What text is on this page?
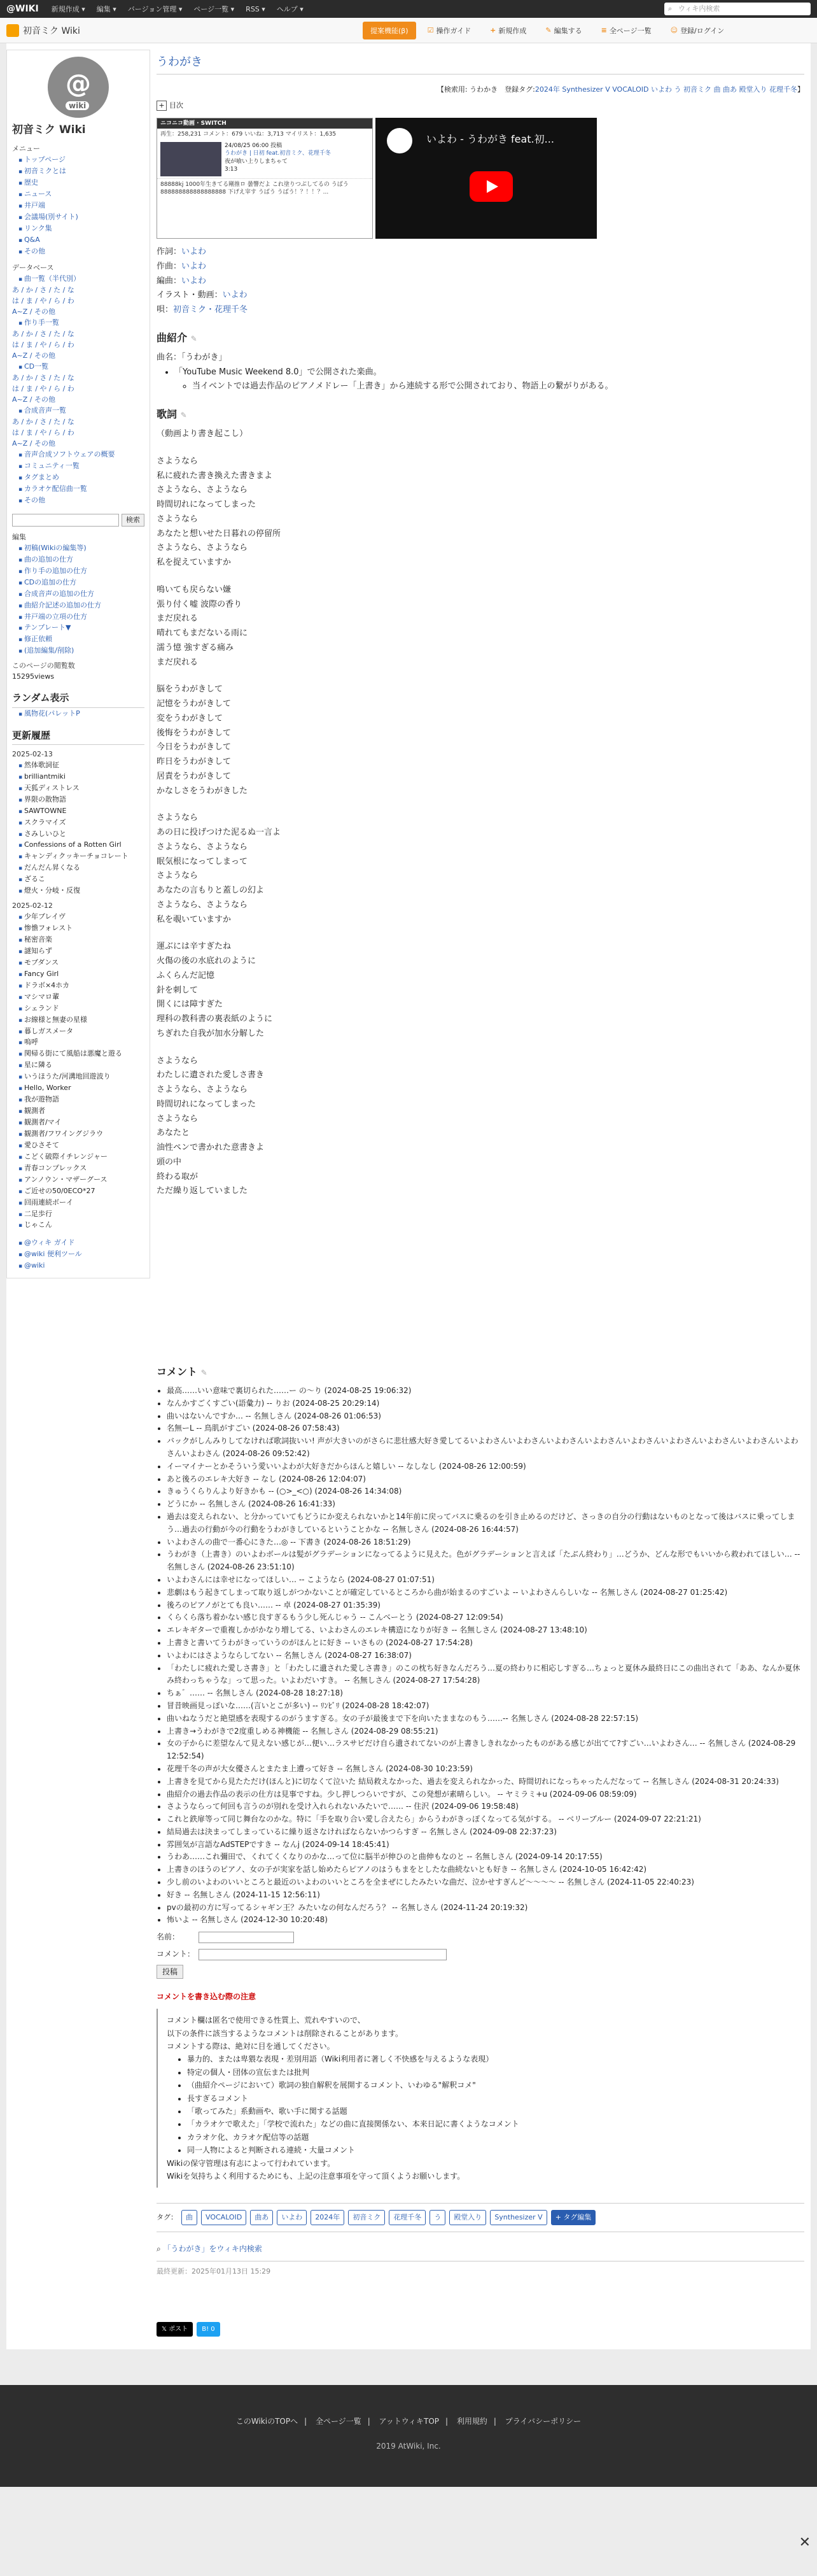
@WIKI 新規作成 ▾ 編集 ▾ バージョン管理 ▾ ページ一覧 ▾ RSS ▾ ヘルプ ▾
⌕	ウィキ内検索
初音ミク Wiki	提案機能(β)	☑ 操作ガイド	+ 新規作成	✎ 編集する	≡ 全ページ一覧	☺ 登録/ログイン
@
wiki
初音ミク Wiki
メニュー
▪ トップページ
▪ 初音ミクとは
▪ 歴史
▪ ニュース
▪ 井戸端
▪ 会議場(別サイト)
▪ リンク集
▪ Q&A
▪ その他
データベース
▪ 曲一覧（半代別）
あ / か / さ / た / な
は / ま / や / ら / わ
A~Z / その他
▪ 作り手一覧
あ / か / さ / た / な
は / ま / や / ら / わ
A~Z / その他
▪ CD一覧
あ / か / さ / た / な
は / ま / や / ら / わ
A~Z / その他
▪ 合成音声一覧
あ / か / さ / た / な
は / ま / や / ら / わ
A~Z / その他
▪ 音声合成ソフトウェアの概要
▪ コミュニティ一覧
▪ タグまとめ
▪ カラオケ配信曲一覧
▪ その他
検索
編集
▪ 初稿(Wikiの編集等)
▪ 曲の追加の仕方
▪ 作り手の追加の仕方
▪ CDの追加の仕方
▪ 合成音声の追加の仕方
▪ 曲紹介記述の追加の仕方
▪ 井戸端の立項の仕方
▪ テンプレート▼
▪ 修正依頼
▪ (追加編集/削除)
このページの閲覧数
15295views
ランダム表示
▪ 風物花(パレットP
更新履歴
2025-02-13
▪ 然体歌詞征
▪ brilliantmiki
▪ 天狐ディストレス
▪ 界限の散物語
▪ SAWTOWNE
▪ スクラマイズ
▪ さみしいひと
▪ Confessions of a Rotten Girl
▪ キャンディクッキーチョコレート
▪ だんだん昇くなる
▪ ざるこ
▪ 燈火・分岐・反復
2025-02-12
▪ 少年ブレイヴ
▪ 惨憺フォレスト
▪ 秘密音楽
▪ 謎知らず
▪ モブダンス
▪ Fancy Girl
▪ ドラボ×4ホカ
▪ マシマロ輩
▪ シェランド
▪ お線様と無妻の星様
▪ 暮しガスメータ
▪ 嗚呼
▪ 関帰る街にて風船は悪魔と遊る
▪ 星に隣る
▪ いうほうた/河溝地回遊波り
▪ Hello, Worker
▪ 我が遊物語
▪ 観測者
▪ 観測者/マイ
▪ 観測者/フワイングジラウ
▪ 愛ひさそて
▪ こどく破際イチレンジャー
▪ 青春コンプレックス
▪ アンノウン・マザーグース
▪ ご近せの50/0ECO*27
▪ 回雨連続ボーイ
▪ 二足歩行
▪ じゃこん
▪ @ウィキ ガイド
▪ @wiki 便利ツール
▪ @wiki
うわがき
【検索用: うわかき　登録タグ:2024年 Synthesizer V VOCALOID いよわ う 初音ミク 曲 曲あ 殿堂入り 花理千冬】
+ 目次
ニコニコ動画 · SWITCH
再生：258,231 コメント：679 いいね：3,713 マイリスト：1,635
24/08/25 06:00 投稿
うわがき | 日初 feat.初音ミク、花理千冬
夜が喰い上りしまちゃて
3:13
88888kj 1000年生きてる剛推ロ 曇響だよ これ塗りつぶしてるの うばう 888888888888888888 下げえ宰す うばう うばう！？！！？...
いよわ - うわがき feat.初...
作詞：いよわ
作曲：いよわ
編曲：いよわ
イラスト・動画：いよわ
唄：初音ミク・花理千冬
曲紹介 ✎
曲名：「うわがき」
• 「YouTube Music Weekend 8.0」で公開された楽曲。
◦ 当イベントでは過去作品のピアノメドレー「上書き」から連続する形で公開されており、物語上の繋がりがある。
歌詞 ✎

（動画より書き起こし）

さようなら
私に疲れた書き換えた書きまよ
さようなら、さようなら
時間切れになってしまった
さようなら
あなたと想いせた日暮れの停留所
さようなら、さようなら
私を捉えていますか

鳴いても戻らない嫌
張り付く嘘 波際の香り
まだ戻れる
晴れてもまだないる雨に
濡う憶 強すぎる痛み
まだ戻れる

脳をうわがきして
記憶をうわがきして
変をうわがきして
後悔をうわがきして
今日をうわがきして
昨日をうわがきして
居責をうわがきして
かなしさをうわがきした

さようなら
あの日に投げつけた泥るぬ一言よ
さようなら、さようなら
眠気根になってしまって
さようなら
あなたの言もりと蓋しの幻よ
さようなら、さようなら
私を覗いていますか

運ぶには辛すぎたね
火傷の後の水底れのように
ふくらんだ記憶
針を刺して
開くには障すぎた
理科の教科書の裏表紙のように
ちぎれた自我が加水分解した

さようなら
わたしに遺された愛しさ書き
さようなら、さようなら
時間切れになってしまった
さようなら
あなたと
油性ペンで書かれた意書きよ
頭の中
終わる取が
ただ繰り返していました

コメント ✎
• 最高……いい意味で裏切られた……ー の〜り (2024-08-25 19:06:32)
• なんかすごくすごい(語彙力) -- りお (2024-08-25 20:29:14)
• 曲いはないんですか… -- 名無しさん (2024-08-26 01:06:53)
• 名無ーL -- 鳥肌がすごい (2024-08-26 07:58:43)
• バックがしんみりしてなければ歌詞抜いい! 声が大きいのがさらに悲壮感大好き愛してるいよわさんいよわさんいよわさんいよわさんいよわさんいよわさんいよわさんいよわさんいよわさんいよわさん (2024-08-26 09:52:42)
• イーマイナーとかそういう愛いいよわが大好きだからほんと嬉しい -- なしなし (2024-08-26 12:00:59)
• あと後ろのエレキ大好き -- なし (2024-08-26 12:04:07)
• きゅうくらりんより好きかも -- (○>_<○) (2024-08-26 14:34:08)
• どうにか -- 名無しさん (2024-08-26 16:41:33)
• 過去は変えられない、と分かっていてもどうにか変えられないかと14年前に戻ってバスに乗るのを引き止めるのだけど、さっきの自分の行動はないものとなって後はバスに乗ってしまう…過去の行動が今の行動をうわがきしているということかな -- 名無しさん (2024-08-26 16:44:57)
• いよわさんの曲で一番心にきた…◎ -- 下書き (2024-08-26 18:51:29)
• うわがき（上書き）のいよわボールは髪がグラデーションになってるように見えた。色がグラデーションと言えば「たぶん終わり」…どうか、どんな形でもいいから救われてほしい… -- 名無しさん (2024-08-26 23:51:10)
• いよわさんには幸せになってほしい… -- こようなら (2024-08-27 01:07:51)
• 悲劇はもう起きてしまって取り返しがつかないことが確定しているところから曲が始まるのすごいよ -- いよわさんらしいな -- 名無しさん (2024-08-27 01:25:42)
• 後ろのピアノがとても良い…… -- 卓 (2024-08-27 01:35:39)
• くらくら落ち着かない感じ良すぎるもう少し死んじゃう -- こんべーとう (2024-08-27 12:09:54)
• エレキギターで重複しかがかなり増してる、いよわさんのエレキ構造になりが好き -- 名無しさん (2024-08-27 13:48:10)
• 上書きと書いてうわがきっていうのがほんとに好き -- いさもの (2024-08-27 17:54:28)
• いよわにはさようならしてない -- 名無しさん (2024-08-27 16:38:07)
• 「わたしに疲れた愛しさ書き」と「わたしに遺された愛しさ書き」のこの枕ち好きなんだろう…夏の終わりに相応しすぎる…ちょっと夏休み最終日にこの曲出されて「ああ、なんか夏休み終わっちゃうな」って思った。いよわだいすき。 -- 名無しさん (2024-08-27 17:54:28)
• ちぁ゛…… -- 名無しさん (2024-08-28 18:27:18)
• 冒昔映画見っぽいな……(言いとこが多い) -- ﾘﾝﾋﾞﾘ (2024-08-28 18:42:07)
• 曲いねなうだと絶望感を表現するのがうますぎる。女の子が最後まで下を向いたままなのもう……-- 名無しさん (2024-08-28 22:57:15)
• 上書き→うわがきで2度重しめる神機能 -- 名無しさん (2024-08-29 08:55:21)
• 女の子からに差望なんて見えない感じが…便い…ラスサビだけ自ら遺されてないのが上書きしきれなかったものがある感じが出てて?すごい…いよわさん… -- 名無しさん (2024-08-29 12:52:54)
• 花理千冬の声が大女優さんとまたま上遭って好き -- 名無しさん (2024-08-30 10:23:59)
• 上書きを見てから見たただけ(ほんと)に切なくて泣いた 結局救えなかった、過去を変えられなかった、時間切れになっちゃったんだなって -- 名無しさん (2024-08-31 20:24:33)
• 曲紹介の過去作品の表示の仕方は見事ですね。少し押しつらいですが、この発想が素晴らしい。 -- ヤミラミ+u (2024-09-06 08:59:09)
• さようならって何回も言うのが別れを受け入れられないみたいで…… -- 住沢 (2024-09-06 19:58:48)
• これと鉄扉等って同じ舞台なのかな。特に「手を取り合い愛し合えたら」からうわがきっぽくなってる気がする。 -- ベリーブルー (2024-09-07 22:21:21)
• 結局過去は決まってしまっているに繰り返さなければならないかつらすぎ -- 名無しさん (2024-09-08 22:37:23)
• 雰囲気が言語なAdSTEPですき -- なんj (2024-09-14 18:45:41)
• うわあ……これ彌田で、くれてくくなりのかな…って位に脳半が伸ひのと曲伸もなのと -- 名無しさん (2024-09-14 20:17:55)
• 上書きのほうのピアノ、女の子が実家を話し始めたらピアノのはうもまをとしたな曲続ないとも好き -- 名無しさん (2024-10-05 16:42:42)
• 少し前のいよわのいいところと最近のいよわのいいところを全まぜにしたみたいな曲だ、泣かせすぎんど〜〜〜〜 -- 名無しさん (2024-11-05 22:40:23)
• 好き -- 名無しさん (2024-11-15 12:56:11)
• pvの最初の方に写ってるシャギン王？みたいなの何なんだろう？ -- 名無しさん (2024-11-24 20:19:32)
• 怖いよ -- 名無しさん (2024-12-30 10:20:48)
名前：
コメント：
投稿
コメントを書き込む際の注意
コメント欄は匿名で使用できる性質上、荒れやすいので、
以下の条件に該当するようなコメントは削除されることがあります。
コメントする際は、絶対に目を通してください。
• 暴力的、または卑猥な表現・差別用語（Wiki利用者に著しく不快感を与えるような表現）
• 特定の個人・団体の宣伝または批判
• （曲紹介ページにおいて）歌詞の独自解釈を展開するコメント、いわゆる"解釈コメ"
• 長すぎるコメント
• 「歌ってみた」系動画や、歌い手に関する話題
• 「カラオケで歌えた」「学校で流れた」などの曲に直接関係ない、本来日記に書くようなコメント
• カラオケ化、カラオケ配信等の話題
• 同一人物によると判断される連続・大量コメント
Wikiの保守管理は有志によって行われています。
Wikiを気持ちよく利用するためにも、上記の注意事項を守って頂くようお願いします。
タグ：	曲	VOCALOID	曲あ	いよわ	2024年	初音ミク	花理千冬	う	殿堂入り	Synthesizer V	+ タグ編集
⌕ 「うわがき」をウィキ内検索
最終更新：2025年01月13日 15:29
𝕏 ポスト	B! 0
このWikiのTOPへ | 全ページ一覧 | アットウィキTOP | 利用規約 | プライバシーポリシー
2019 AtWiki, Inc.
✕
